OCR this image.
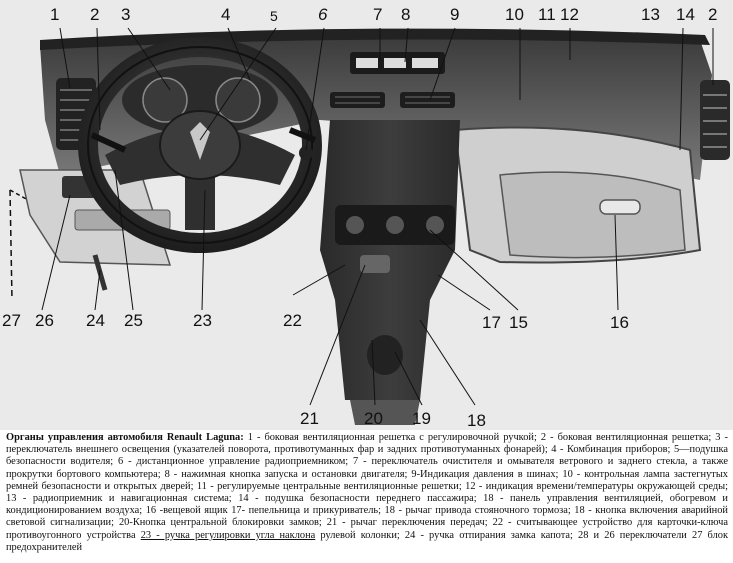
1 2 3	4	5 6	7 8 9	10 11 12	13 14 2
27 26 24 25	23	22
21	20 19 18
17 15	16
Органы управления автомобиля Renault Laguna: 1 - боковая вентиляционная решетка с регулировочной ручкой; 2 - боковая вентиляционная решетка; 3 - переключатель внешнего освещения (указателей поворота, противотуманных фар и задних противотуманных фонарей); 4 - Комбинация приборов; 5—подушка безопасности водителя; 6 - дистанционное управление радиоприемником; 7 - переключатель очистителя и омывателя ветрового и заднего стекла, а также прокрутки бортового компьютера; 8 - нажимная кнопка запуска и остановки двигателя; 9-Индикация давления в шинах; 10 - контрольная лампа застегнутых ремней безопасности и открытых дверей; 11 - регулируемые центральные вентиляционные решетки; 12 - индикация времени/температуры окружающей среды; 13 - радиоприемник и навигационная система; 14 - подушка безопасности переднего пассажира; 18 - панель управления вентиляцией, обогревом и кондиционированием воздуха; 16 -вещевой ящик 17- пепельница и прикуриватель; 18 - рычаг привода стояночного тормоза; 18 - кнопка включения аварийной световой сигнализации; 20-Кнопка центральной блокировки замков; 21 - рычаг переключения передач; 22 - считывающее устройство для карточки-ключа противоугонного устройства 23 - ручка регулировки угла наклона рулевой колонки; 24 - ручка отпирания замка капота; 28 и 26 переключатели 27 блок предохранителей
